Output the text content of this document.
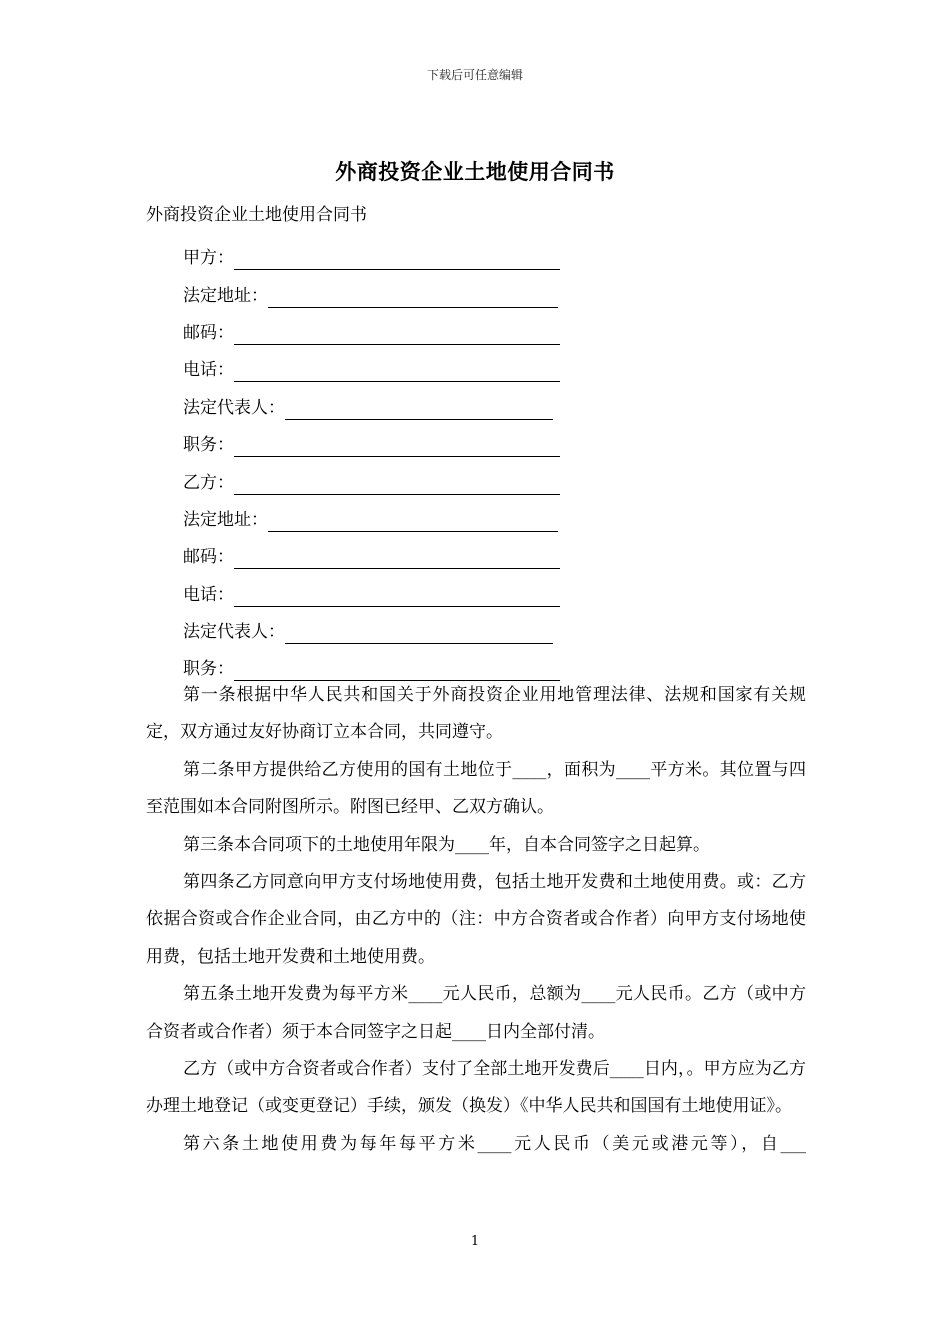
下载后可任意编辑
外商投资企业土地使用合同书
外商投资企业土地使用合同书
甲方：
法定地址：
邮码：
电话：
法定代表人：
职务：
乙方：
法定地址：
邮码：
电话：
法定代表人：
职务：

第一条根据中华人民共和国关于外商投资企业用地管理法律、法规和国家有关规定，双方通过友好协商订立本合同，共同遵守。

第二条甲方提供给乙方使用的国有土地位于____，面积为____平方米。其位置与四至范围如本合同附图所示。附图已经甲、乙双方确认。

第三条本合同项下的土地使用年限为____年，自本合同签字之日起算。

第四条乙方同意向甲方支付场地使用费，包括土地开发费和土地使用费。或：乙方依据合资或合作企业合同，由乙方中的（注：中方合资者或合作者）向甲方支付场地使用费，包括土地开发费和土地使用费。

第五条土地开发费为每平方米____元人民币，总额为____元人民币。乙方（或中方合资者或合作者）须于本合同签字之日起____日内全部付清。

乙方（或中方合资者或合作者）支付了全部土地开发费后____日内，。甲方应为乙方办理土地登记（或变更登记）手续，颁发（换发）《中华人民共和国国有土地使用证》。

第六条土地使用费为每年每平方米____元人民币（美元或港元等），自___

1
